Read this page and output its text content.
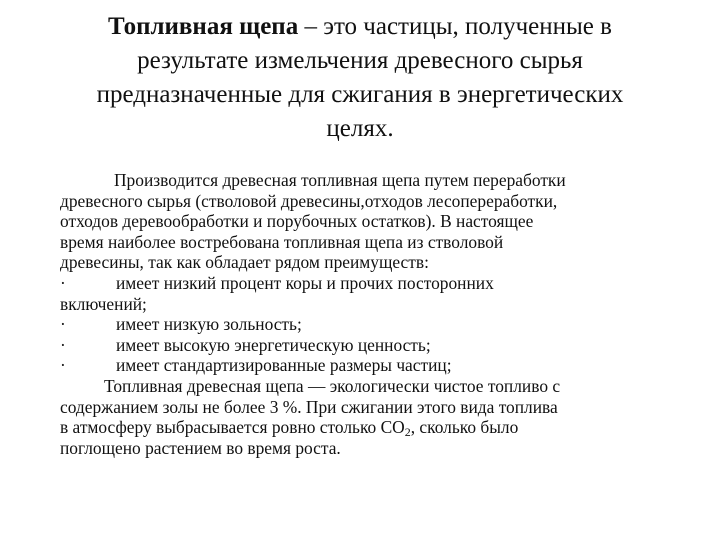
Топливная щепа – это частицы, полученные в
результате измельчения древесного сырья
предназначенные для сжигания в энергетических
целях.
Производится древесная топливная щепа путем переработки
древесного сырья (стволовой древесины,отходов лесопереработки,
отходов деревообработки и порубочных остатков). В настоящее
время наиболее востребована топливная щепа из стволовой
древесины, так как обладает рядом преимуществ:
·	имеет низкий процент коры и прочих посторонних
включений;
·	имеет низкую зольность;
·	имеет высокую энергетическую ценность;
·	имеет стандартизированные размеры частиц;
Топливная древесная щепа — экологически чистое топливо с
содержанием золы не более 3 %. При сжигании этого вида топлива
в атмосферу выбрасывается ровно столько $СО_2$, сколько было
поглощено растением во время роста.
